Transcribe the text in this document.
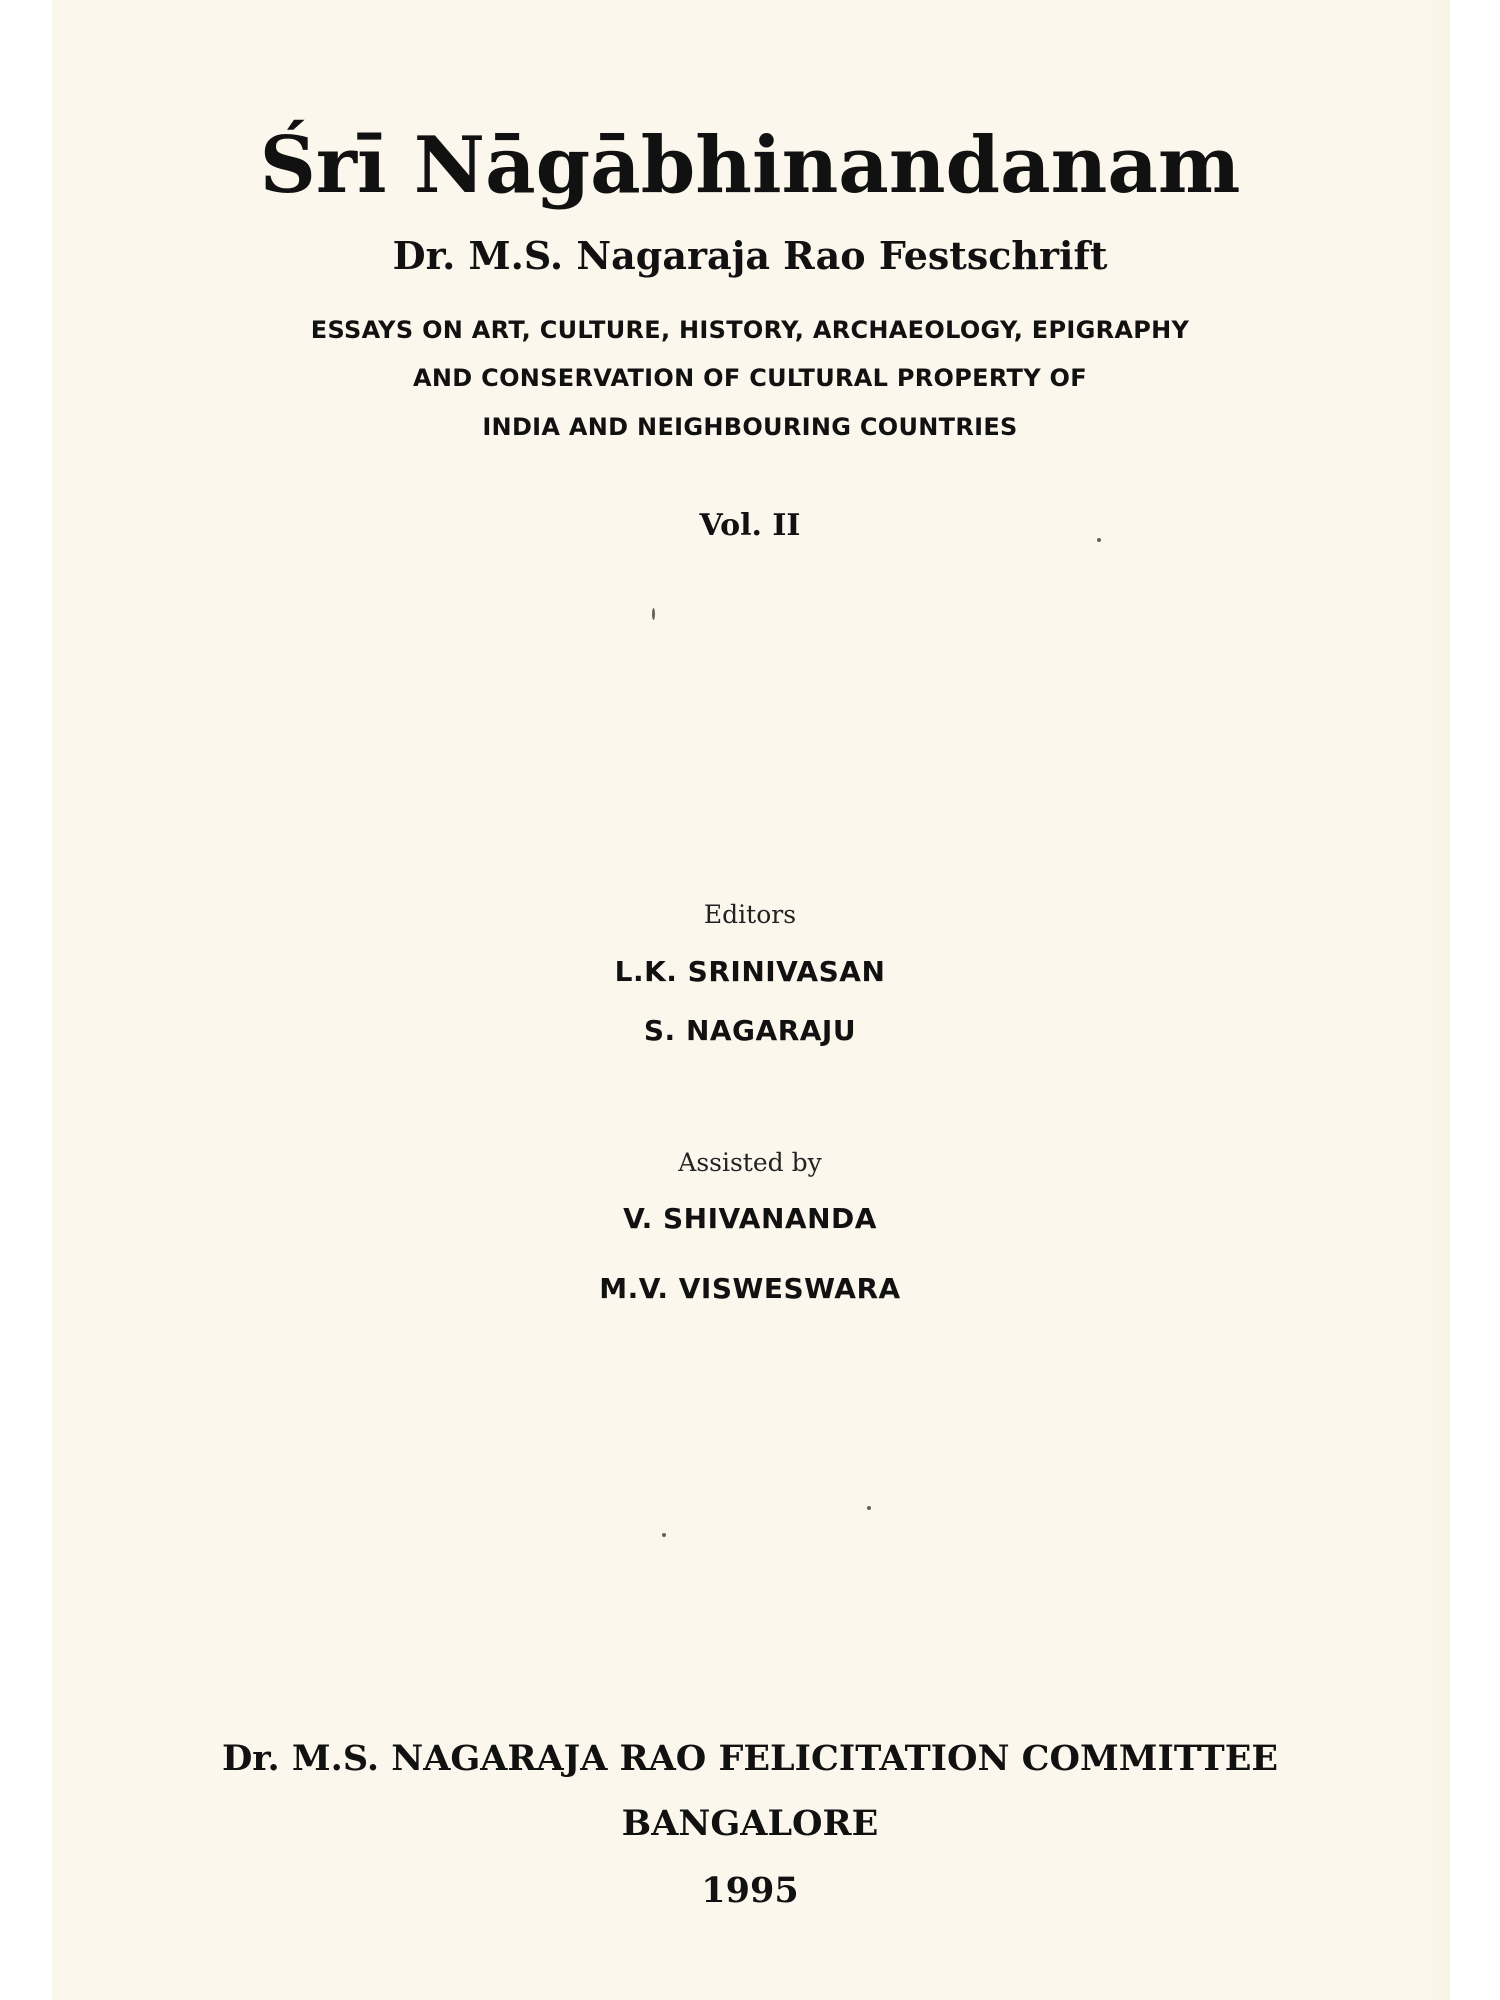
Śrī Nāgābhinandanam
Dr. M.S. Nagaraja Rao Festschrift

ESSAYS ON ART, CULTURE, HISTORY, ARCHAEOLOGY, EPIGRAPHY

AND CONSERVATION OF CULTURAL PROPERTY OF

INDIA AND NEIGHBOURING COUNTRIES

Vol. II

Editors

L.K. SRINIVASAN

S. NAGARAJU

Assisted by

V. SHIVANANDA

M.V. VISWESWARA

Dr. M.S. NAGARAJA RAO FELICITATION COMMITTEE

BANGALORE

1995
